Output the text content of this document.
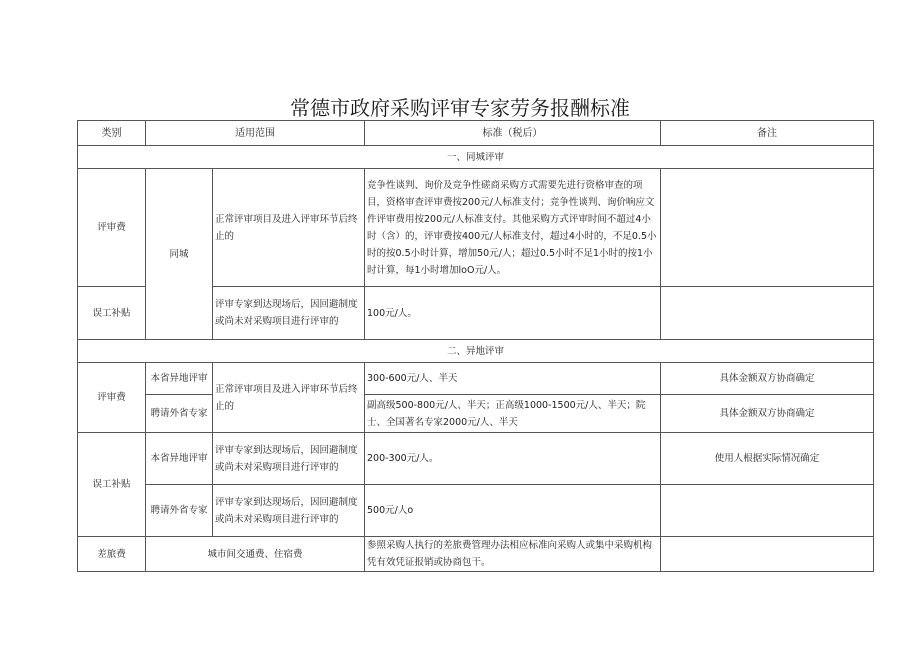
常德市政府采购评审专家劳务报酬标准
类别	适用范围		标准（税后）	备注
一、同城评审				
评审费	同城	正常评审项目及进入评审环节后终止的	竞争性谈判、询价及竞争性磋商采购方式需要先进行资格审查的项目，资格审查评审费按200元/人标准支付；竞争性谈判、询价响应文件评审费用按200元/人标准支付。其他采购方式评审时间不超过4小时（含）的，评审费按400元/人标准支付，超过4小时的，不足0.5小时的按0.5小时计算，增加50元/人；超过0.5小时不足1小时的按1小时计算，每1小时增加loO元/人。	
误工补贴		评审专家到达现场后，因回避制度或尚未对采购项目进行评审的	100元/人。	
二、异地评审				
评审费	本省异地评审	正常评审项目及进入评审环节后终止的	300-600元/人、半天	具体金额双方协商确定
	聘请外省专家		副高级500-800元/人、半天；正高级1000-1500元/人、半天；院士、全国著名专家2000元/人、半天	具体金额双方协商确定
误工补贴	本省异地评审	评审专家到达现场后，因回避制度或尚未对采购项目进行评审的	200-300元/人。	使用人根据实际情况确定
	聘请外省专家	评审专家到达现场后，因回避制度或尚未对采购项目进行评审的	500元/人o	
差旅费	城市间交通费、住宿费		参照采购人执行的差旅费管理办法相应标准向采购人或集中采购机构凭有效凭证报销或协商包干。	
